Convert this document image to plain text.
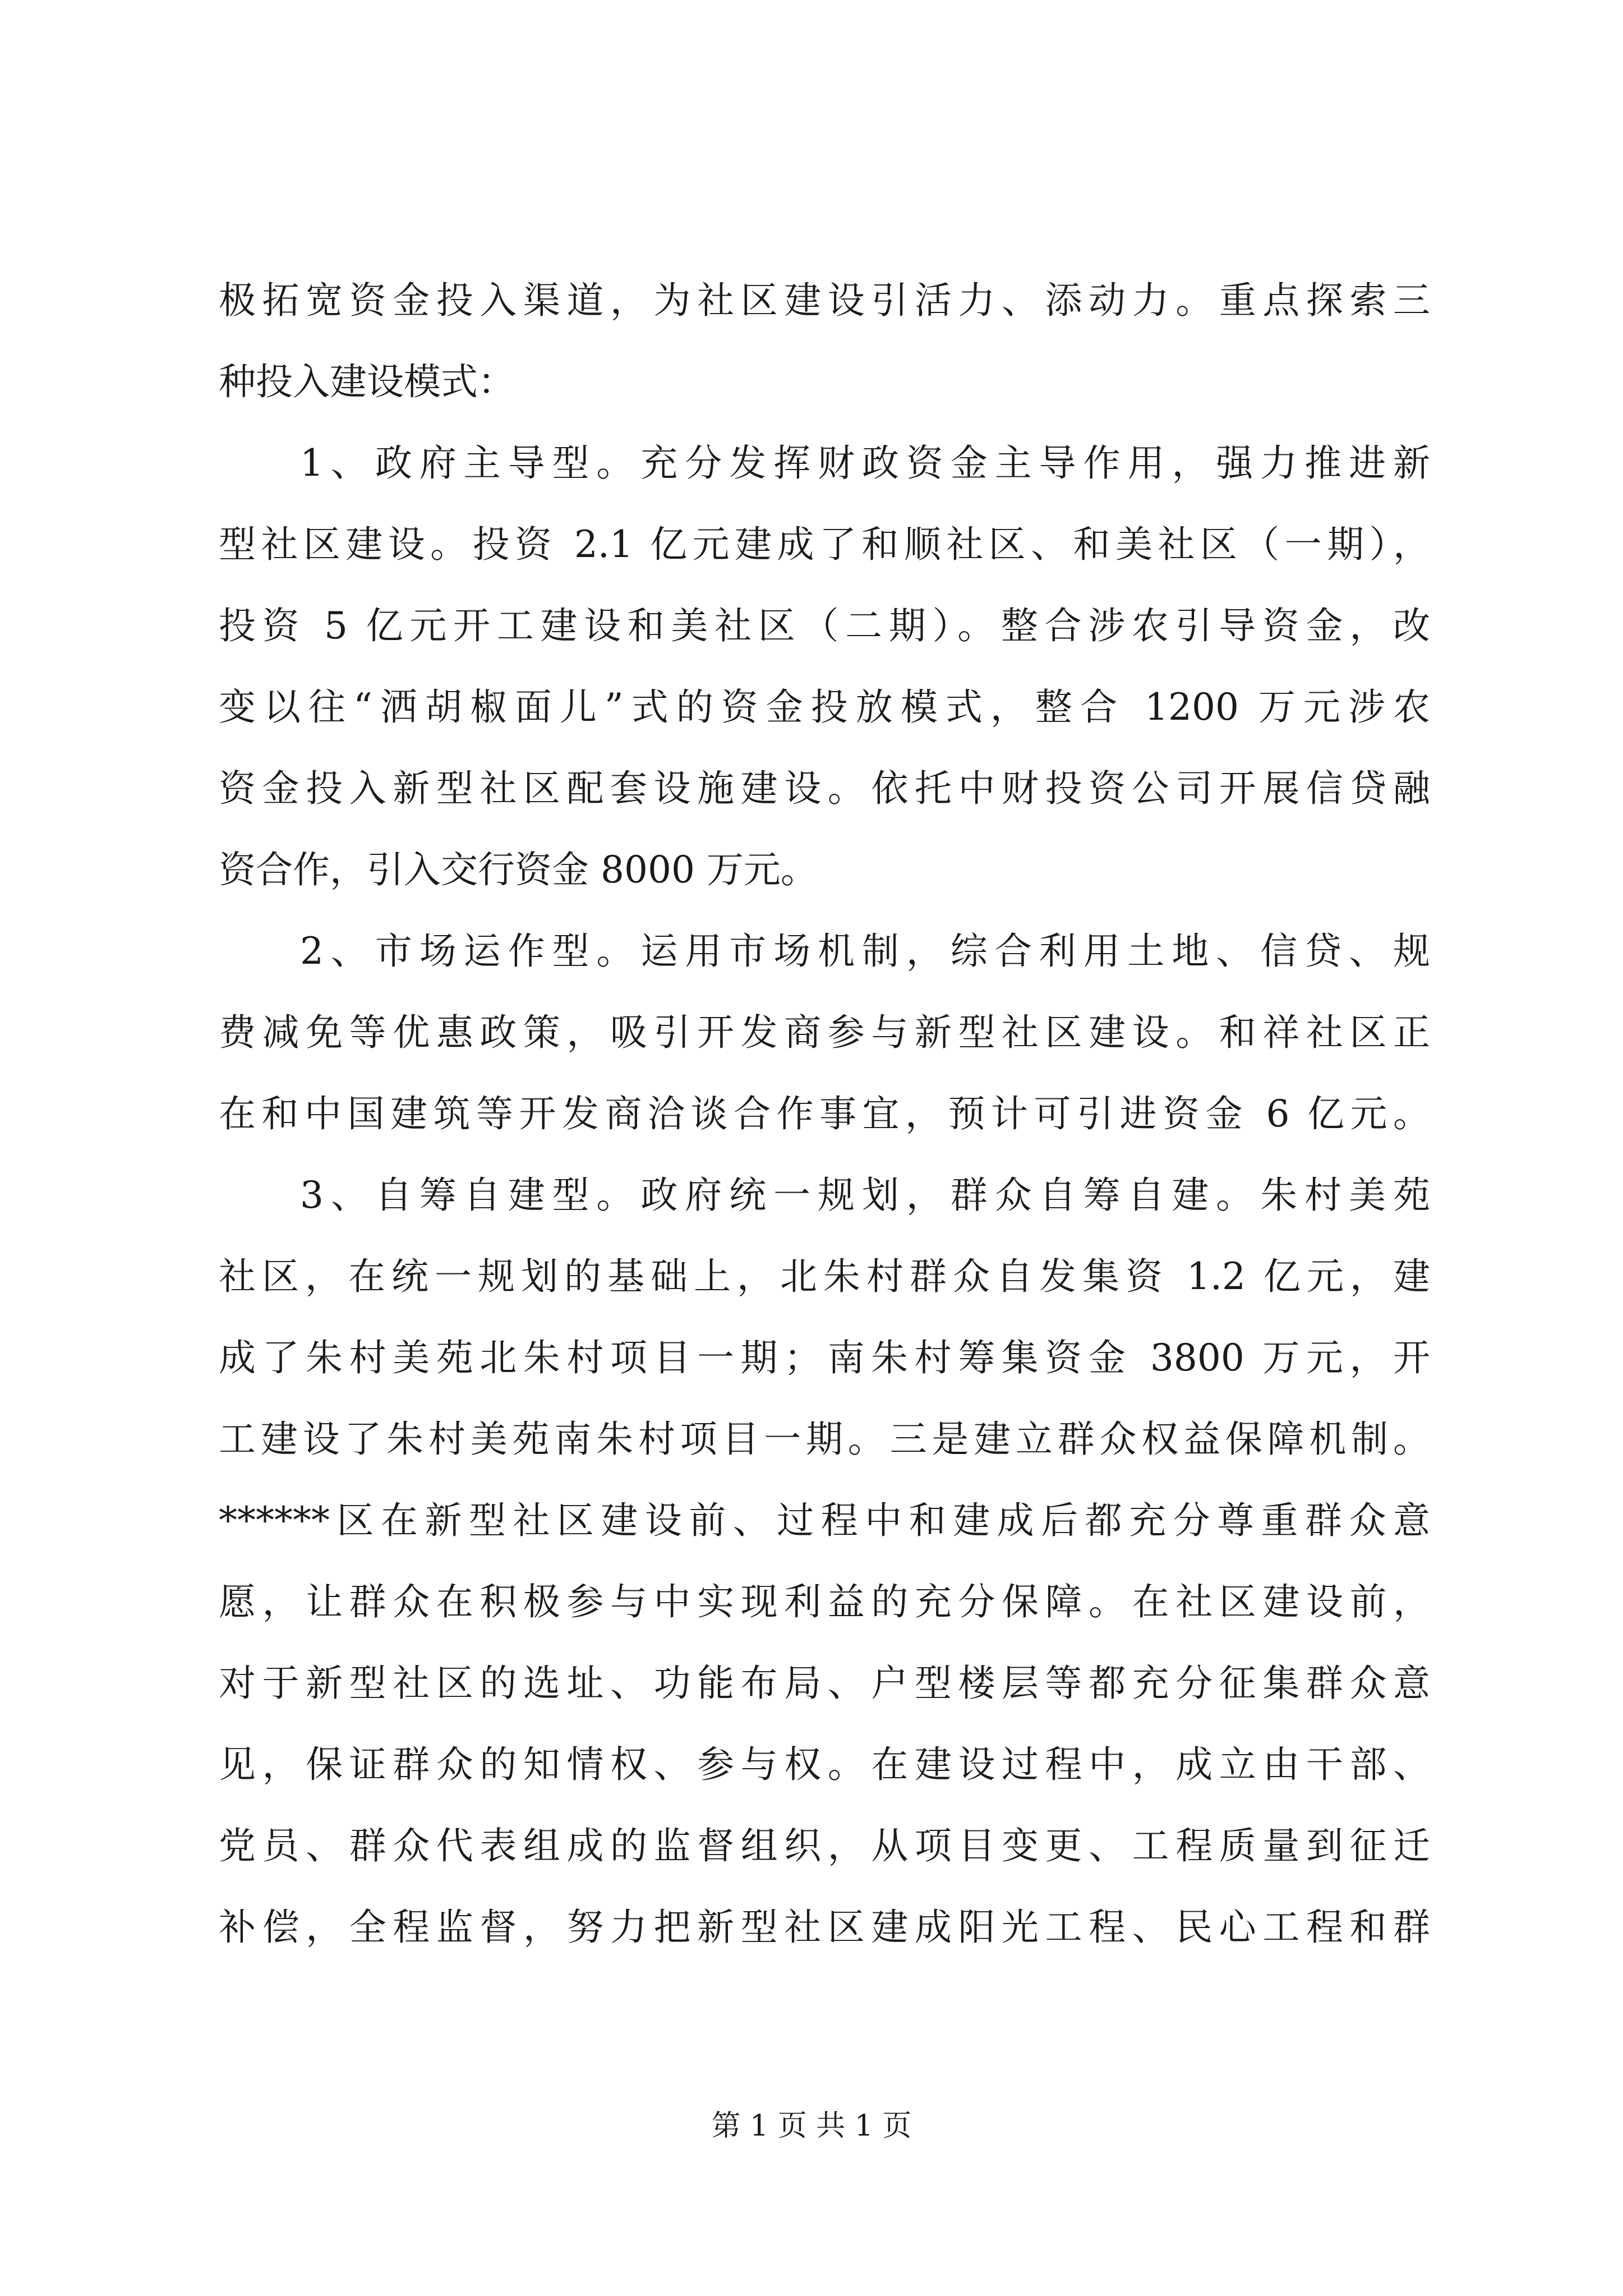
极拓宽资金投入渠道，为社区建设引活力、添动力。重点探索三
种投入建设模式：
1、政府主导型。充分发挥财政资金主导作用，强力推进新
型社区建设。投资 2.1 亿元建成了和顺社区、和美社区（一期），
投资 5 亿元开工建设和美社区（二期）。整合涉农引导资金，改
变以往“洒胡椒面儿”式的资金投放模式，整合 1200 万元涉农
资金投入新型社区配套设施建设。依托中财投资公司开展信贷融
资合作，引入交行资金 8000 万元。
2、市场运作型。运用市场机制，综合利用土地、信贷、规
费减免等优惠政策，吸引开发商参与新型社区建设。和祥社区正
在和中国建筑等开发商洽谈合作事宜，预计可引进资金 6 亿元。
3、自筹自建型。政府统一规划，群众自筹自建。朱村美苑
社区，在统一规划的基础上，北朱村群众自发集资 1.2 亿元，建
成了朱村美苑北朱村项目一期；南朱村筹集资金 3800 万元，开
工建设了朱村美苑南朱村项目一期。三是建立群众权益保障机制。
******区在新型社区建设前、过程中和建成后都充分尊重群众意
愿，让群众在积极参与中实现利益的充分保障。在社区建设前，
对于新型社区的选址、功能布局、户型楼层等都充分征集群众意
见，保证群众的知情权、参与权。在建设过程中，成立由干部、
党员、群众代表组成的监督组织，从项目变更、工程质量到征迁
补偿，全程监督，努力把新型社区建成阳光工程、民心工程和群
第 1 页 共 1 页
